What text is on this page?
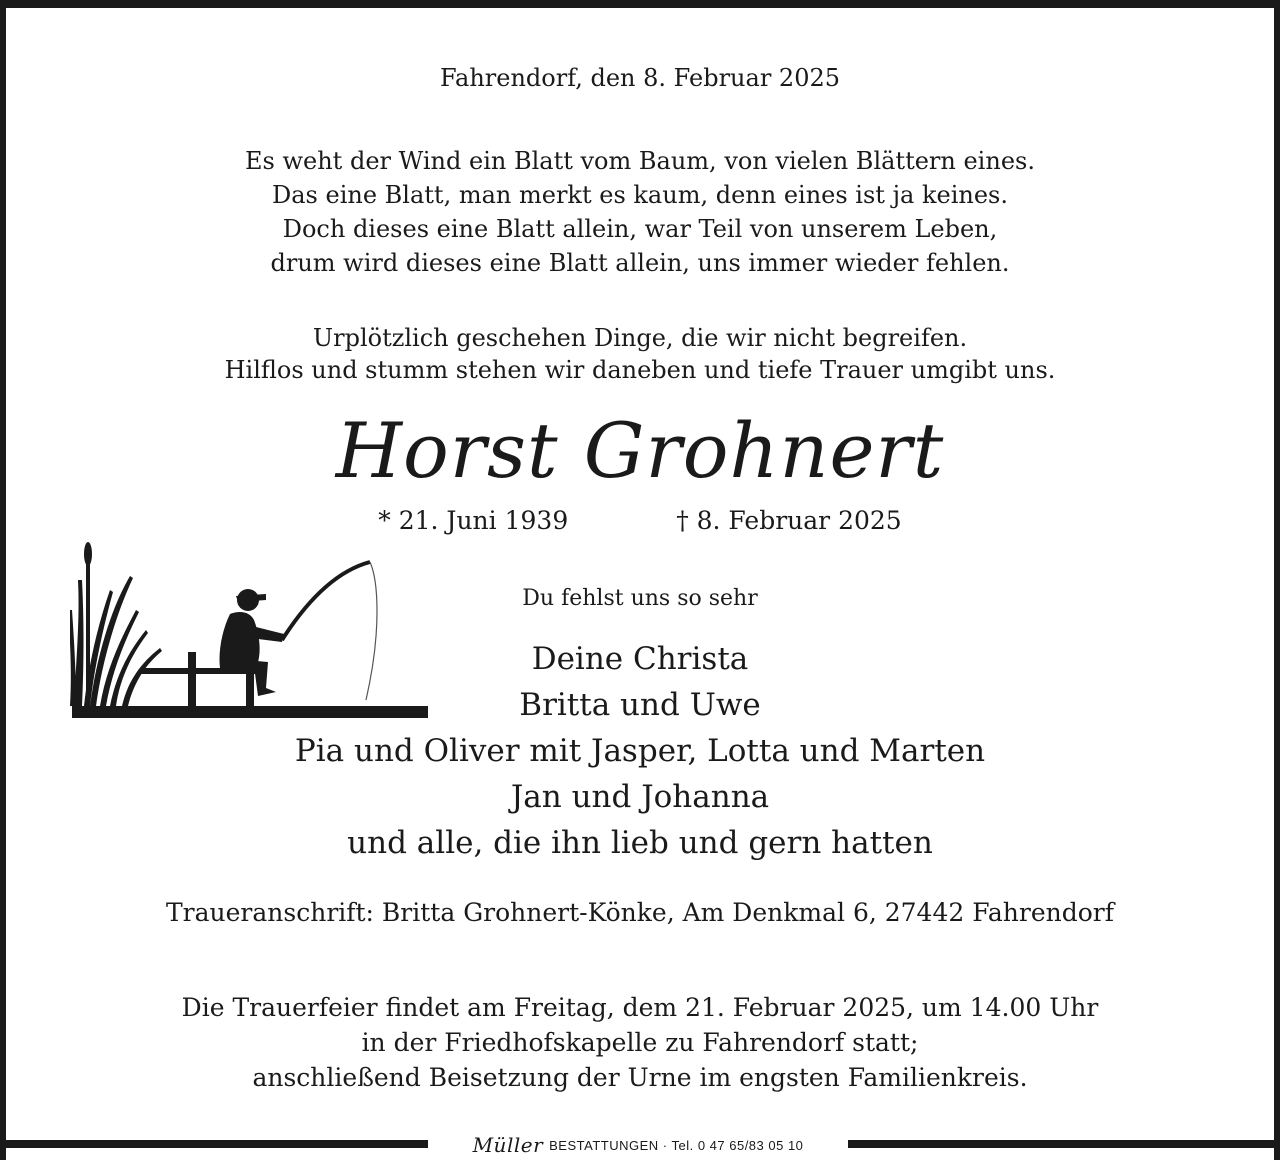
Fahrendorf, den 8. Februar 2025
Es weht der Wind ein Blatt vom Baum, von vielen Blättern eines.
Das eine Blatt, man merkt es kaum, denn eines ist ja keines.
Doch dieses eine Blatt allein, war Teil von unserem Leben,
drum wird dieses eine Blatt allein, uns immer wieder fehlen.
Urplötzlich geschehen Dinge, die wir nicht begreifen.
Hilflos und stumm stehen wir daneben und tiefe Trauer umgibt uns.
Horst Grohnert
* 21. Juni 1939	† 8. Februar 2025
Du fehlst uns so sehr
Deine Christa
Britta und Uwe
Pia und Oliver mit Jasper, Lotta und Marten
Jan und Johanna
und alle, die ihn lieb und gern hatten
Traueranschrift: Britta Grohnert-Könke, Am Denkmal 6, 27442 Fahrendorf
Die Trauerfeier findet am Freitag, dem 21. Februar 2025, um 14.00 Uhr
in der Friedhofskapelle zu Fahrendorf statt;
anschließend Beisetzung der Urne im engsten Familienkreis.
Müller BESTATTUNGEN · Tel. 0 47 65/83 05 10
